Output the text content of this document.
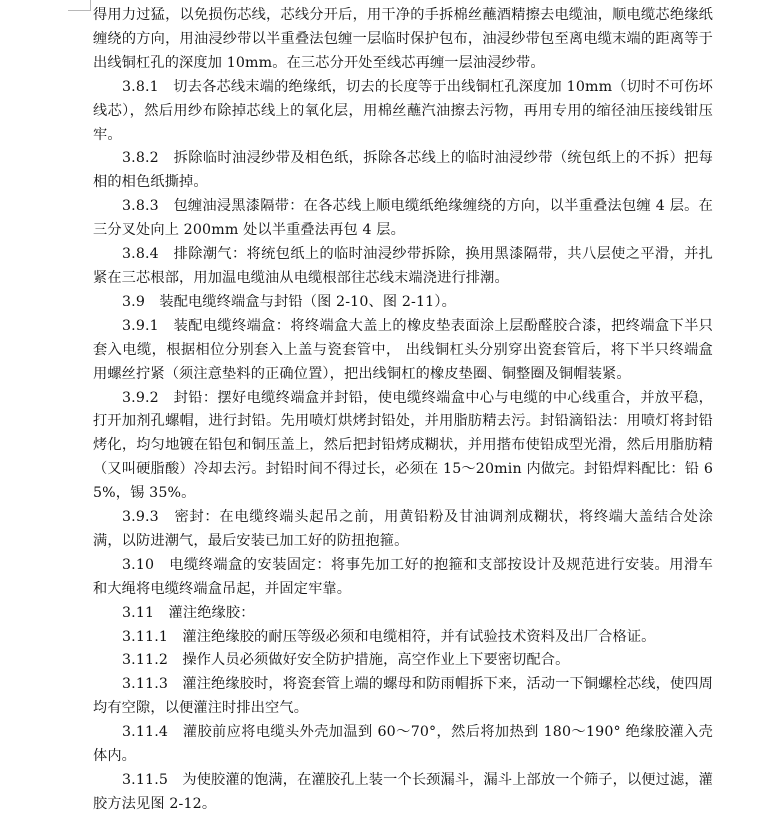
得用力过猛，以免损伤芯线，芯线分开后，用干净的手拆棉丝蘸酒精擦去电缆油，顺电缆芯绝缘纸缠绕的方向，用油浸纱带以半重叠法包缠一层临时保护包布，油浸纱带包至离电缆末端的距离等于出线铜杠孔的深度加 10mm。在三芯分开处至线芯再缠一层油浸纱带。

3.8.1　切去各芯线末端的绝缘纸，切去的长度等于出线铜杠孔深度加 10mm（切时不可伤坏线芯），然后用纱布除掉芯线上的氧化层，用棉丝蘸汽油擦去污物，再用专用的缩径油压接线钳压牢。

3.8.2　拆除临时油浸纱带及相色纸，拆除各芯线上的临时油浸纱带（统包纸上的不拆）把每相的相色纸撕掉。

3.8.3　包缠油浸黑漆隔带：在各芯线上顺电缆纸绝缘缠绕的方向，以半重叠法包缠 4 层。在三分叉处向上 200mm 处以半重叠法再包 4 层。

3.8.4　排除潮气：将统包纸上的临时油浸纱带拆除，换用黑漆隔带，共八层使之平滑，并扎紧在三芯根部，用加温电缆油从电缆根部往芯线末端浇进行排潮。

3.9　装配电缆终端盒与封铅（图 2-10、图 2-11）。

3.9.1　装配电缆终端盒：将终端盒大盖上的橡皮垫表面涂上层酚醛胶合漆，把终端盒下半只套入电缆，根据相位分别套入上盖与瓷套管中， 出线铜杠头分别穿出瓷套管后，将下半只终端盒用螺丝拧紧（须注意垫料的正确位置），把出线铜杠的橡皮垫圈、铜整圈及铜帽装紧。

3.9.2　封铅：摆好电缆终端盒并封铅，使电缆终端盒中心与电缆的中心线重合，并放平稳，打开加剂孔螺帽，进行封铅。先用喷灯烘烤封铅处，并用脂肪精去污。封铅滴铅法：用喷灯将封铅烤化，均匀地镀在铅包和铜压盖上，然后把封铅烤成糊状，并用揩布使铅成型光滑，然后用脂肪精（又叫硬脂酸）冷却去污。封铅时间不得过长，必须在 15～20min 内做完。封铅焊料配比：铅 65%，锡 35%。

3.9.3　密封：在电缆终端头起吊之前，用黄铅粉及甘油调剂成糊状，将终端大盖结合处涂满，以防进潮气，最后安装已加工好的防扭抱箍。

3.10　电缆终端盒的安装固定：将事先加工好的抱箍和支部按设计及规范进行安装。用滑车和大绳将电缆终端盒吊起，并固定牢靠。

3.11　灌注绝缘胶：

3.11.1　灌注绝缘胶的耐压等级必须和电缆相符，并有试验技术资料及出厂合格证。

3.11.2　操作人员必须做好安全防护措施，高空作业上下要密切配合。

3.11.3　灌注绝缘胶时，将瓷套管上端的螺母和防雨帽拆下来，活动一下铜螺栓芯线，使四周均有空隙，以便灌注时排出空气。

3.11.4　灌胶前应将电缆头外壳加温到 60～70°，然后将加热到 180～190° 绝缘胶灌入壳体内。

3.11.5　为使胶灌的饱满，在灌胶孔上装一个长颈漏斗，漏斗上部放一个筛子，以便过滤，灌胶方法见图 2-12。
